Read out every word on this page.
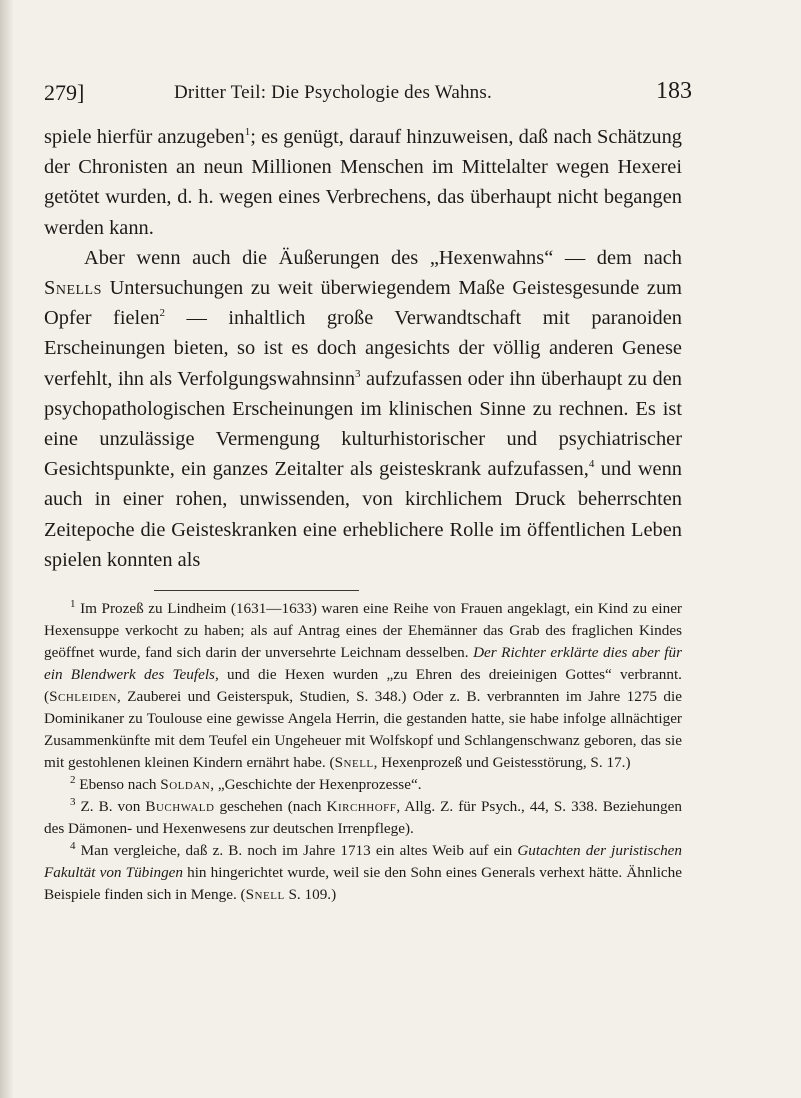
279]	Dritter Teil: Die Psychologie des Wahns.	183

spiele hierfür anzugeben$^1$; es genügt, darauf hinzuweisen, daß nach Schätzung der Chronisten an neun Millionen Menschen im Mittelalter wegen Hexerei getötet wurden, d. h. wegen eines Verbrechens, das überhaupt nicht begangen werden kann.

Aber wenn auch die Äußerungen des „Hexenwahns“ — dem nach Snells Untersuchungen zu weit überwiegendem Maße Geistesgesunde zum Opfer fielen$^2$ — inhaltlich große Verwandtschaft mit paranoiden Erscheinungen bieten, so ist es doch angesichts der völlig anderen Genese verfehlt, ihn als Verfolgungswahnsinn$^3$ aufzufassen oder ihn überhaupt zu den psychopathologischen Erscheinungen im klinischen Sinne zu rechnen. Es ist eine unzulässige Vermengung kulturhistorischer und psychiatrischer Gesichtspunkte, ein ganzes Zeitalter als geisteskrank aufzufassen,$^4$ und wenn auch in einer rohen, unwissenden, von kirchlichem Druck beherrschten Zeitepoche die Geisteskranken eine erheblichere Rolle im öffentlichen Leben spielen konnten als

$^1$ Im Prozeß zu Lindheim (1631—1633) waren eine Reihe von Frauen angeklagt, ein Kind zu einer Hexensuppe verkocht zu haben; als auf Antrag eines der Ehemänner das Grab des fraglichen Kindes geöffnet wurde, fand sich darin der unversehrte Leichnam desselben. Der Richter erklärte dies aber für ein Blendwerk des Teufels, und die Hexen wurden „zu Ehren des dreieinigen Gottes“ verbrannt. (Schleiden, Zauberei und Geisterspuk, Studien, S. 348.) Oder z. B. verbrannten im Jahre 1275 die Dominikaner zu Toulouse eine gewisse Angela Herrin, die gestanden hatte, sie habe infolge allnächtiger Zusammenkünfte mit dem Teufel ein Ungeheuer mit Wolfskopf und Schlangenschwanz geboren, das sie mit gestohlenen kleinen Kindern ernährt habe. (Snell, Hexenprozeß und Geistesstörung, S. 17.)

$^2$ Ebenso nach Soldan, „Geschichte der Hexenprozesse“.

$^3$ Z. B. von Buchwald geschehen (nach Kirchhoff, Allg. Z. für Psych., 44, S. 338. Beziehungen des Dämonen- und Hexenwesens zur deutschen Irrenpflege).

$^4$ Man vergleiche, daß z. B. noch im Jahre 1713 ein altes Weib auf ein Gutachten der juristischen Fakultät von Tübingen hin hingerichtet wurde, weil sie den Sohn eines Generals verhext hätte. Ähnliche Beispiele finden sich in Menge. (Snell S. 109.)
